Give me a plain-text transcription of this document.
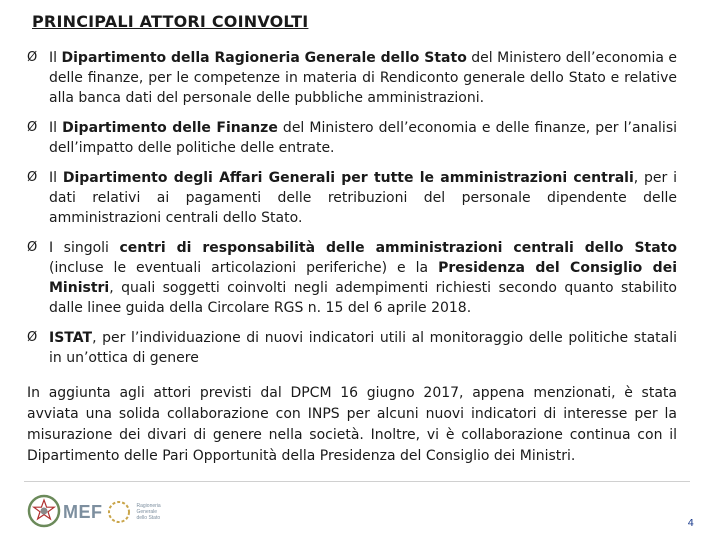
PRINCIPALI ATTORI COINVOLTI
Ø Il Dipartimento della Ragioneria Generale dello Stato del Ministero dell’economia e delle finanze, per le competenze in materia di Rendiconto generale dello Stato e relative alla banca dati del personale delle pubbliche amministrazioni.
Ø Il Dipartimento delle Finanze del Ministero dell’economia e delle finanze, per l’analisi dell’impatto delle politiche delle entrate.
Ø Il Dipartimento degli Affari Generali per tutte le amministrazioni centrali, per i dati relativi ai pagamenti delle retribuzioni del personale dipendente delle amministrazioni centrali dello Stato.
Ø I singoli centri di responsabilità delle amministrazioni centrali dello Stato (incluse le eventuali articolazioni periferiche) e la Presidenza del Consiglio dei Ministri, quali soggetti coinvolti negli adempimenti richiesti secondo quanto stabilito dalle linee guida della Circolare RGS n. 15 del 6 aprile 2018.
Ø ISTAT, per l’individuazione di nuovi indicatori utili al monitoraggio delle politiche statali in un’ottica di genere
In aggiunta agli attori previsti dal DPCM 16 giugno 2017, appena menzionati, è stata avviata una solida collaborazione con INPS per alcuni nuovi indicatori di interesse per la misurazione dei divari di genere nella società. Inoltre, vi è collaborazione continua con il Dipartimento delle Pari Opportunità della Presidenza del Consiglio dei Ministri.
MEF	Ragioneria Generale dello Stato	4
